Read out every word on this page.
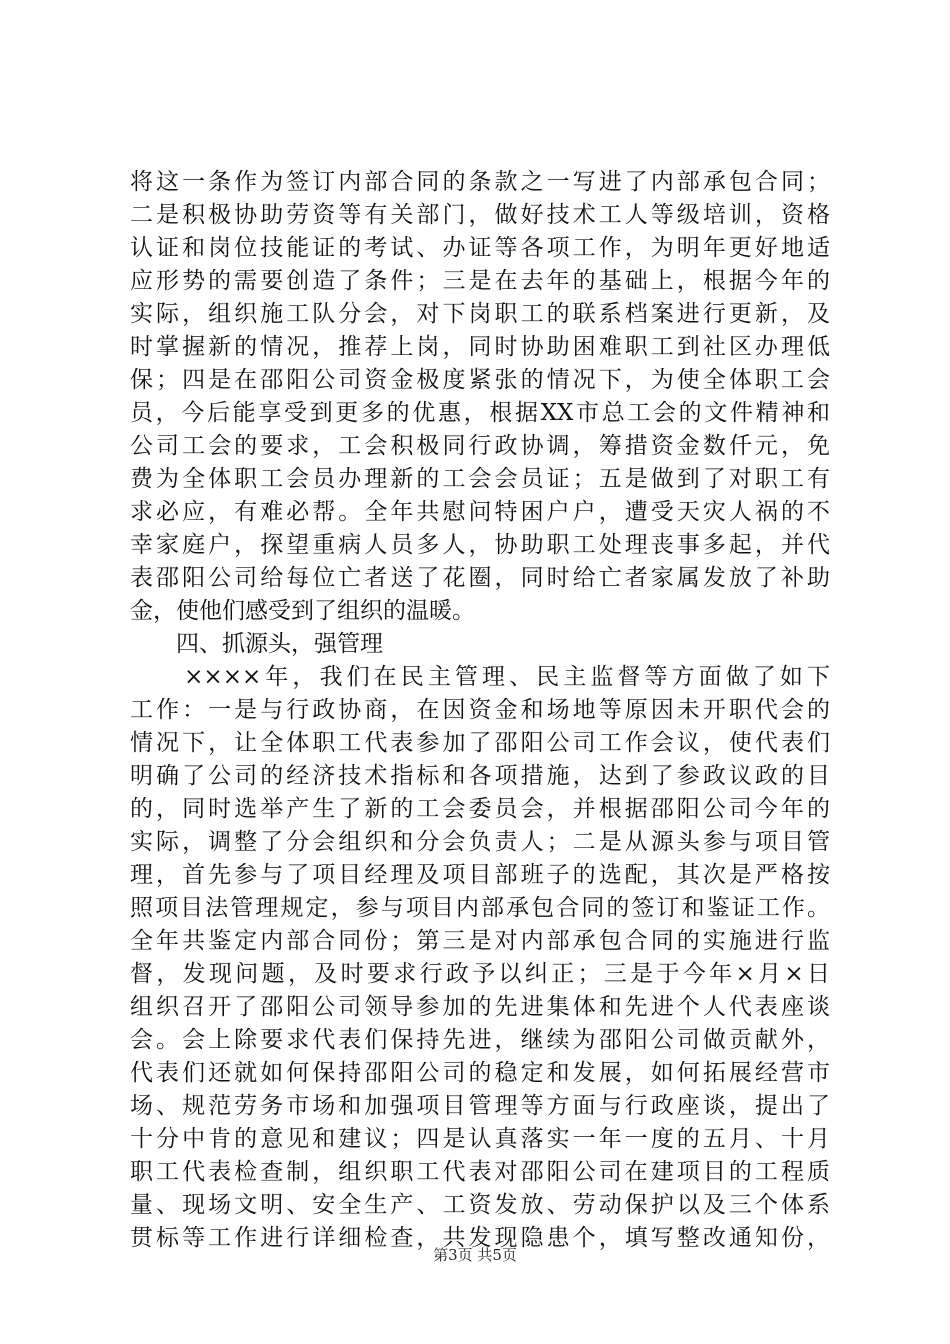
将这一条作为签订内部合同的条款之一写进了内部承包合同；
二是积极协助劳资等有关部门，做好技术工人等级培训，资格
认证和岗位技能证的考试、办证等各项工作，为明年更好地适
应形势的需要创造了条件；三是在去年的基础上，根据今年的
实际，组织施工队分会，对下岗职工的联系档案进行更新，及
时掌握新的情况，推荐上岗，同时协助困难职工到社区办理低
保；四是在邵阳公司资金极度紧张的情况下，为使全体职工会
员，今后能享受到更多的优惠，根据XX市总工会的文件精神和
公司工会的要求，工会积极同行政协调，筹措资金数仟元，免
费为全体职工会员办理新的工会会员证；五是做到了对职工有
求必应，有难必帮。全年共慰问特困户户，遭受天灾人祸的不
幸家庭户，探望重病人员多人，协助职工处理丧事多起，并代
表邵阳公司给每位亡者送了花圈，同时给亡者家属发放了补助
金，使他们感受到了组织的温暖。
　　四、抓源头，强管理
　　××××年，我们在民主管理、民主监督等方面做了如下
工作：一是与行政协商，在因资金和场地等原因未开职代会的
情况下，让全体职工代表参加了邵阳公司工作会议，使代表们
明确了公司的经济技术指标和各项措施，达到了参政议政的目
的，同时选举产生了新的工会委员会，并根据邵阳公司今年的
实际，调整了分会组织和分会负责人；二是从源头参与项目管
理，首先参与了项目经理及项目部班子的选配，其次是严格按
照项目法管理规定，参与项目内部承包合同的签订和鉴证工作。
全年共鉴定内部合同份；第三是对内部承包合同的实施进行监
督，发现问题，及时要求行政予以纠正；三是于今年×月×日
组织召开了邵阳公司领导参加的先进集体和先进个人代表座谈
会。会上除要求代表们保持先进，继续为邵阳公司做贡献外，
代表们还就如何保持邵阳公司的稳定和发展，如何拓展经营市
场、规范劳务市场和加强项目管理等方面与行政座谈，提出了
十分中肯的意见和建议；四是认真落实一年一度的五月、十月
职工代表检查制，组织职工代表对邵阳公司在建项目的工程质
量、现场文明、安全生产、工资发放、劳动保护以及三个体系
贯标等工作进行详细检查，共发现隐患个，填写整改通知份，
第3页 共5页
